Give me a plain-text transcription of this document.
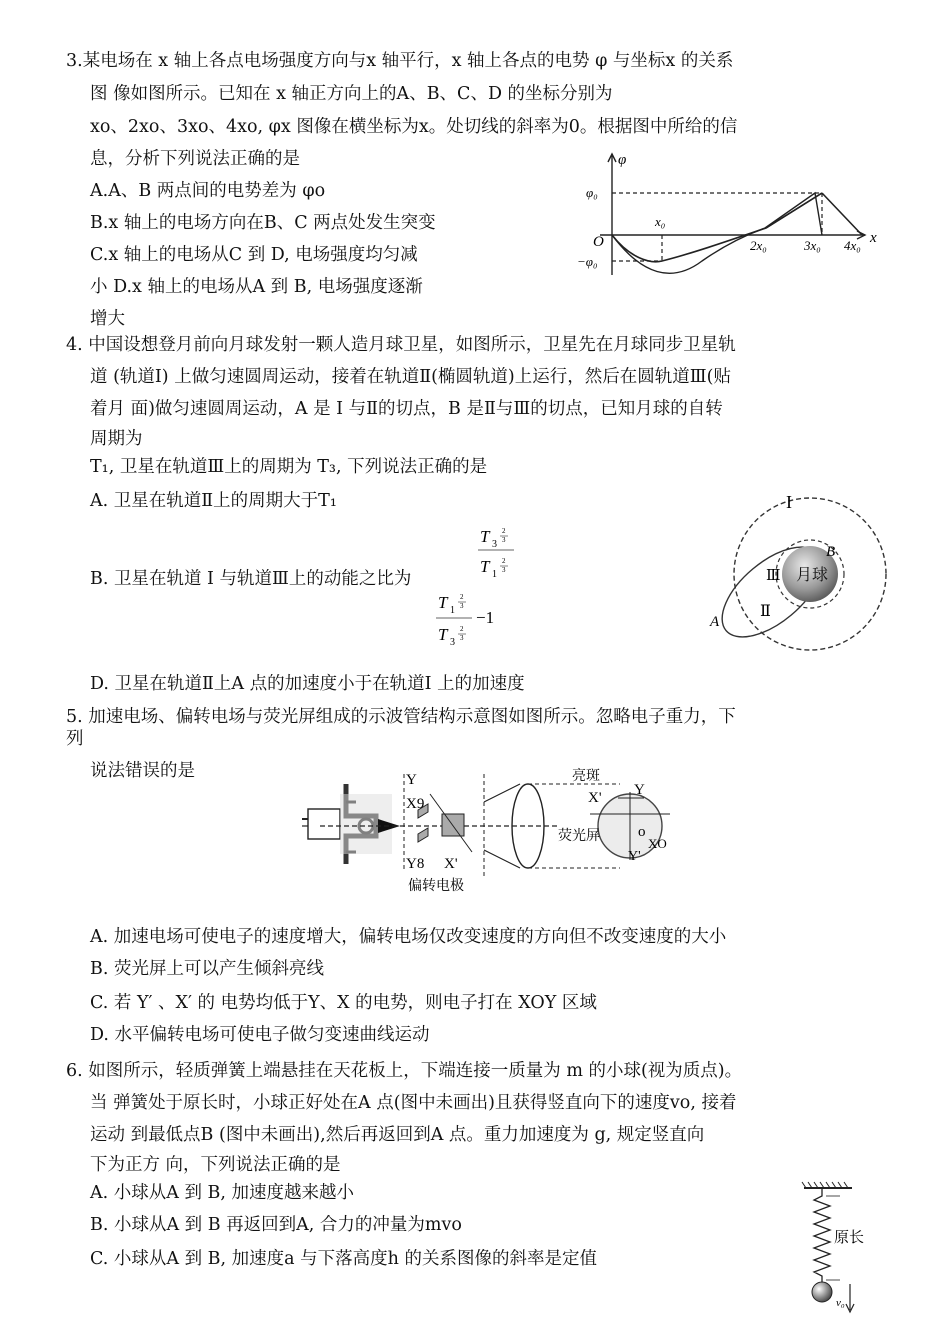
3.某电场在 x 轴上各点电场强度方向与x 轴平行，x 轴上各点的电势 φ 与坐标x 的关系
图 像如图所示。已知在 x 轴正方向上的A、B、C、D 的坐标分别为
xo、2xo、3xo、4xo, φx 图像在横坐标为x。处切线的斜率为0。根据图中所给的信
息，分析下列说法正确的是
A.A、B 两点间的电势差为 φo
B.x 轴上的电场方向在B、C 两点处发生突变
C.x 轴上的电场从C 到 D, 电场强度均匀减
小 D.x 轴上的电场从A 到 B, 电场强度逐渐
增大
φ
x
O
φ₀
−φ₀
x₀
2x₀	3x₀ 4x₀
4. 中国设想登月前向月球发射一颗人造月球卫星，如图所示，卫星先在月球同步卫星轨
道 (轨道I) 上做匀速圆周运动，接着在轨道Ⅱ(椭圆轨道)上运行，然后在圆轨道Ⅲ(贴
着月 面)做匀速圆周运动，A 是 I 与Ⅱ的切点，B 是Ⅱ与Ⅲ的切点，已知月球的自转
周期为
T₁, 卫星在轨道Ⅲ上的周期为 T₃, 下列说法正确的是
A. 卫星在轨道Ⅱ上的周期大于T₁
B. 卫星在轨道 I 与轨道Ⅲ上的动能之比为
D. 卫星在轨道Ⅱ上A 点的加速度小于在轨道I 上的加速度
T
T
3
2
3
1
2
3
T
T
1
2
3
3
2
3
−1
月球
I
Ⅱ
Ⅲ
A
B
5. 加速电场、偏转电场与荧光屏组成的示波管结构示意图如图所示。忽略电子重力，下
列
说法错误的是
A. 加速电场可使电子的速度增大，偏转电场仅改变速度的方向但不改变速度的大小
B. 荧光屏上可以产生倾斜亮线
C. 若 Y′ 、X′ 的 电势均低于Y、X 的电势，则电子打在 XOY 区域
D. 水平偏转电场可使电子做匀变速曲线运动
Y
X9
Y8 X'
偏转电极
亮斑
荧光屏
X' Y
o
XO
Y'
6. 如图所示，轻质弹簧上端悬挂在天花板上，下端连接一质量为 m 的小球(视为质点)。
当 弹簧处于原长时，小球正好处在A 点(图中未画出)且获得竖直向下的速度vo, 接着
运动 到最低点B (图中未画出),然后再返回到A 点。重力加速度为 g, 规定竖直向
下为正方 向，下列说法正确的是
A. 小球从A 到 B, 加速度越来越小
B. 小球从A 到 B 再返回到A, 合力的冲量为mvo
C. 小球从A 到 B, 加速度a 与下落高度h 的关系图像的斜率是定值
原长
v₀
